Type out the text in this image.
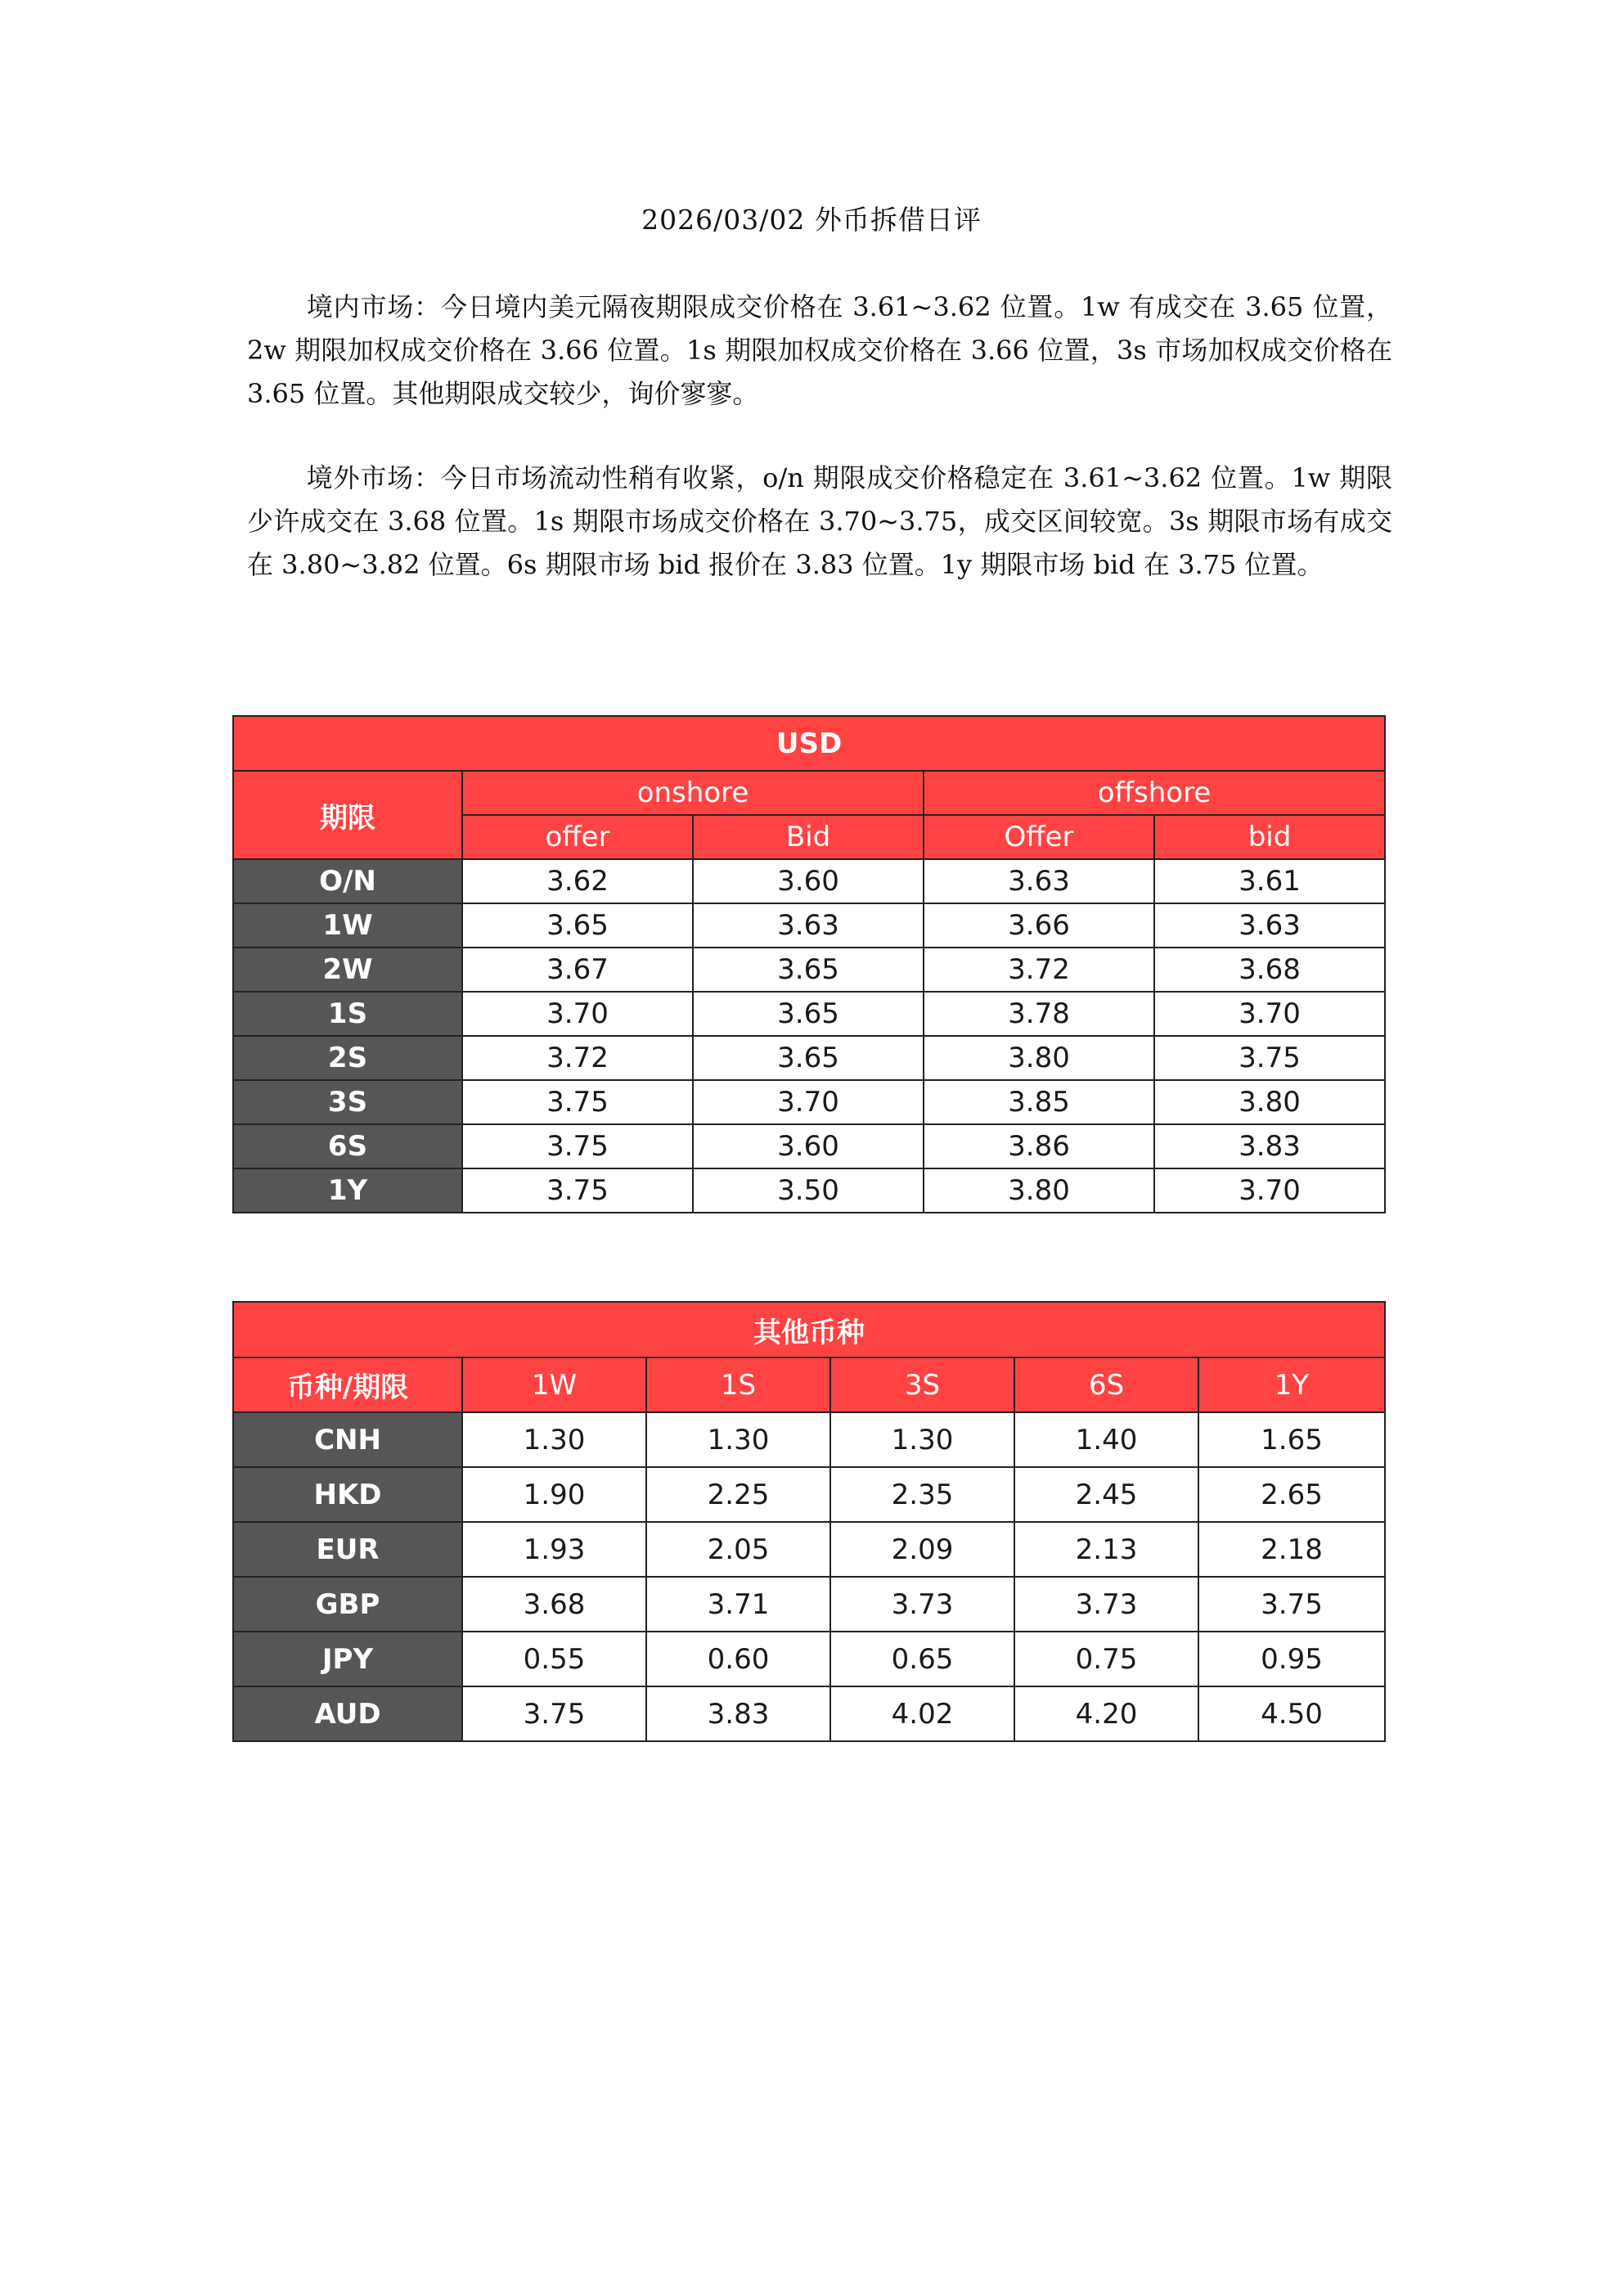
2026/03/02 外币拆借日评
境内市场：今日境内美元隔夜期限成交价格在 3.61~3.62 位置。1w 有成交在 3.65 位置，2w 期限加权成交价格在 3.66 位置。1s 期限加权成交价格在 3.66 位置，3s 市场加权成交价格在 3.65 位置。其他期限成交较少，询价寥寥。
境外市场：今日市场流动性稍有收紧，o/n 期限成交价格稳定在 3.61~3.62 位置。1w 期限少许成交在 3.68 位置。1s 期限市场成交价格在 3.70~3.75，成交区间较宽。3s 期限市场有成交在 3.80~3.82 位置。6s 期限市场 bid 报价在 3.83 位置。1y 期限市场 bid 在 3.75 位置。
USD				
期限	onshore		offshore	
	offer	Bid	Offer	bid
O/N	3.62	3.60	3.63	3.61
1W	3.65	3.63	3.66	3.63
2W	3.67	3.65	3.72	3.68
1S	3.70	3.65	3.78	3.70
2S	3.72	3.65	3.80	3.75
3S	3.75	3.70	3.85	3.80
6S	3.75	3.60	3.86	3.83
1Y	3.75	3.50	3.80	3.70
其他币种					
币种/期限	1W	1S	3S	6S	1Y
CNH	1.30	1.30	1.30	1.40	1.65
HKD	1.90	2.25	2.35	2.45	2.65
EUR	1.93	2.05	2.09	2.13	2.18
GBP	3.68	3.71	3.73	3.73	3.75
JPY	0.55	0.60	0.65	0.75	0.95
AUD	3.75	3.83	4.02	4.20	4.50
